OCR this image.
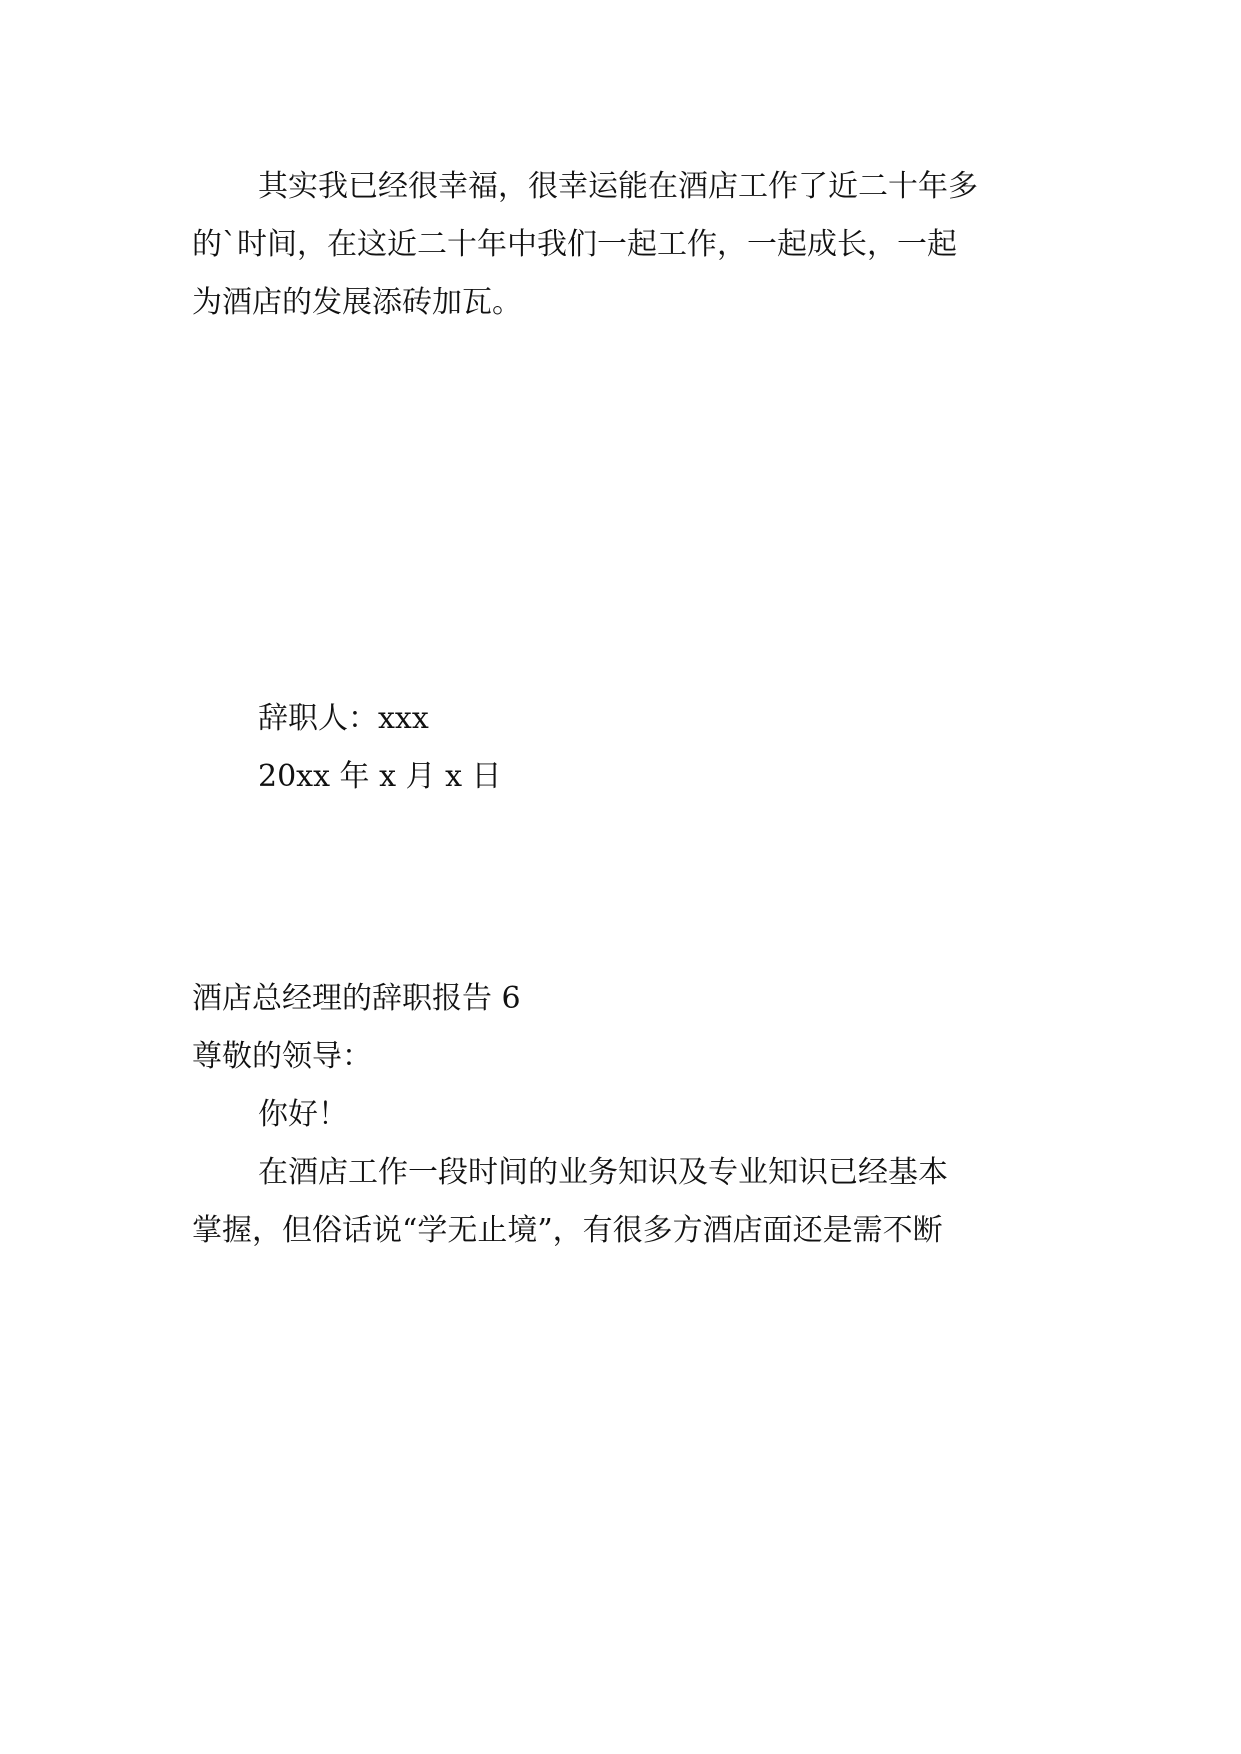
其实我已经很幸福，很幸运能在酒店工作了近二十年多
的`时间，在这近二十年中我们一起工作，一起成长，一起
为酒店的发展添砖加瓦。
辞职人：xxx
20xx 年 x 月 x 日
酒店总经理的辞职报告 6
尊敬的领导：
你好！
在酒店工作一段时间的业务知识及专业知识已经基本
掌握，但俗话说“学无止境”，有很多方酒店面还是需不断
